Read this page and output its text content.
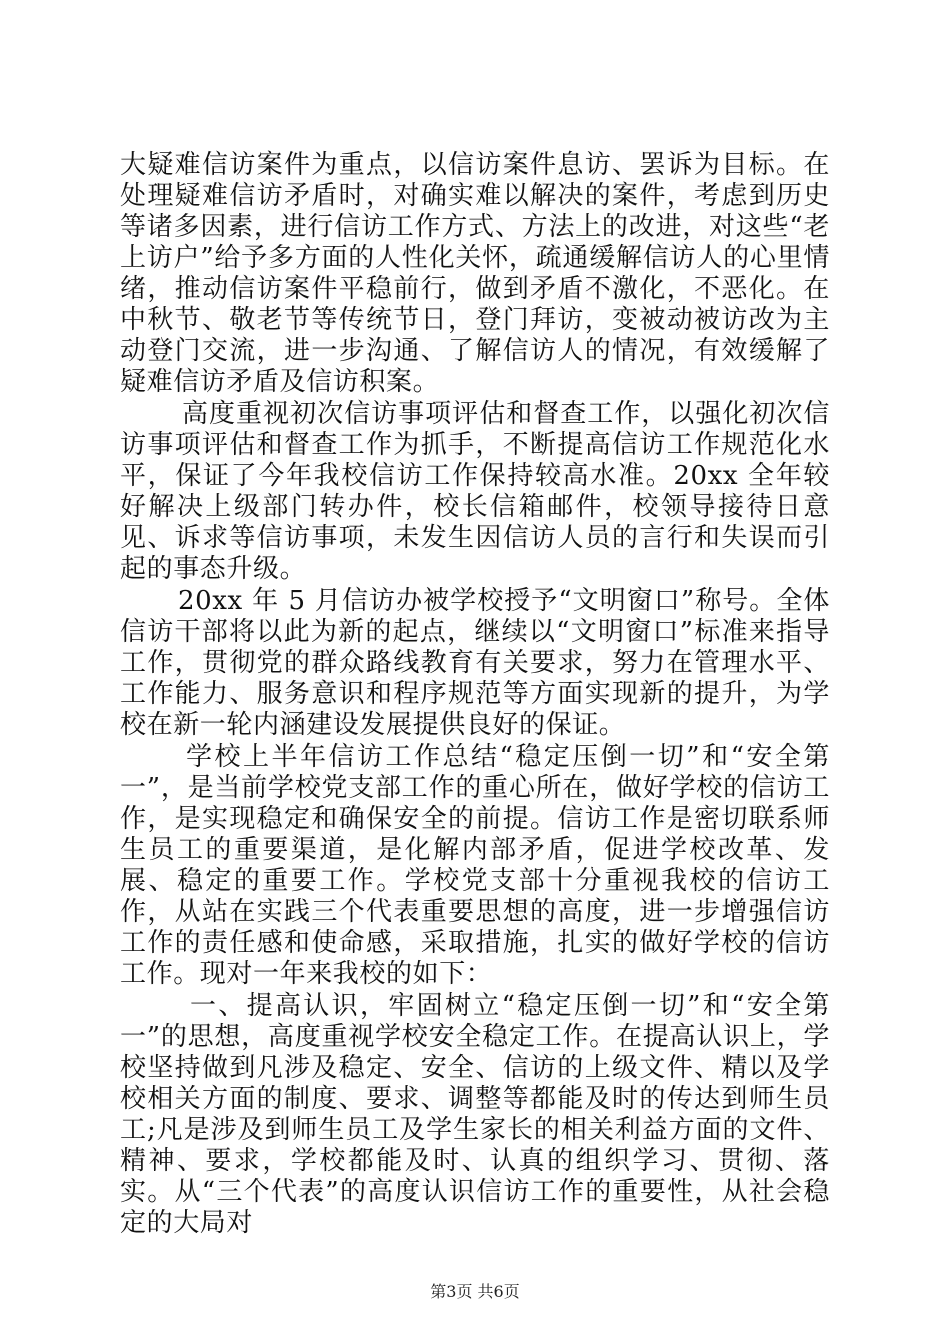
大疑难信访案件为重点，以信访案件息访、罢诉为目标。在处理疑难信访矛盾时，对确实难以解决的案件，考虑到历史等诸多因素，进行信访工作方式、方法上的改进，对这些“老上访户”给予多方面的人性化关怀，疏通缓解信访人的心里情绪，推动信访案件平稳前行，做到矛盾不激化，不恶化。在中秋节、敬老节等传统节日，登门拜访，变被动被访改为主动登门交流，进一步沟通、了解信访人的情况，有效缓解了疑难信访矛盾及信访积案。

高度重视初次信访事项评估和督查工作，以强化初次信访事项评估和督查工作为抓手，不断提高信访工作规范化水平，保证了今年我校信访工作保持较高水准。20xx 全年较好解决上级部门转办件，校长信箱邮件，校领导接待日意见、诉求等信访事项，未发生因信访人员的言行和失误而引起的事态升级。

20xx 年 5 月信访办被学校授予“文明窗口”称号。全体信访干部将以此为新的起点，继续以“文明窗口”标准来指导工作，贯彻党的群众路线教育有关要求，努力在管理水平、工作能力、服务意识和程序规范等方面实现新的提升，为学校在新一轮内涵建设发展提供良好的保证。

学校上半年信访工作总结“稳定压倒一切”和“安全第一”，是当前学校党支部工作的重心所在，做好学校的信访工作，是实现稳定和确保安全的前提。信访工作是密切联系师生员工的重要渠道，是化解内部矛盾，促进学校改革、发展、稳定的重要工作。学校党支部十分重视我校的信访工作，从站在实践三个代表重要思想的高度，进一步增强信访工作的责任感和使命感，采取措施，扎实的做好学校的信访工作。现对一年来我校的如下：

一、提高认识，牢固树立“稳定压倒一切”和“安全第一”的思想，高度重视学校安全稳定工作。在提高认识上，学校坚持做到凡涉及稳定、安全、信访的上级文件、精以及学校相关方面的制度、要求、调整等都能及时的传达到师生员工;凡是涉及到师生员工及学生家长的相关利益方面的文件、精神、要求，学校都能及时、认真的组织学习、贯彻、落实。从“三个代表”的高度认识信访工作的重要性，从社会稳定的大局对

第3页 共6页
